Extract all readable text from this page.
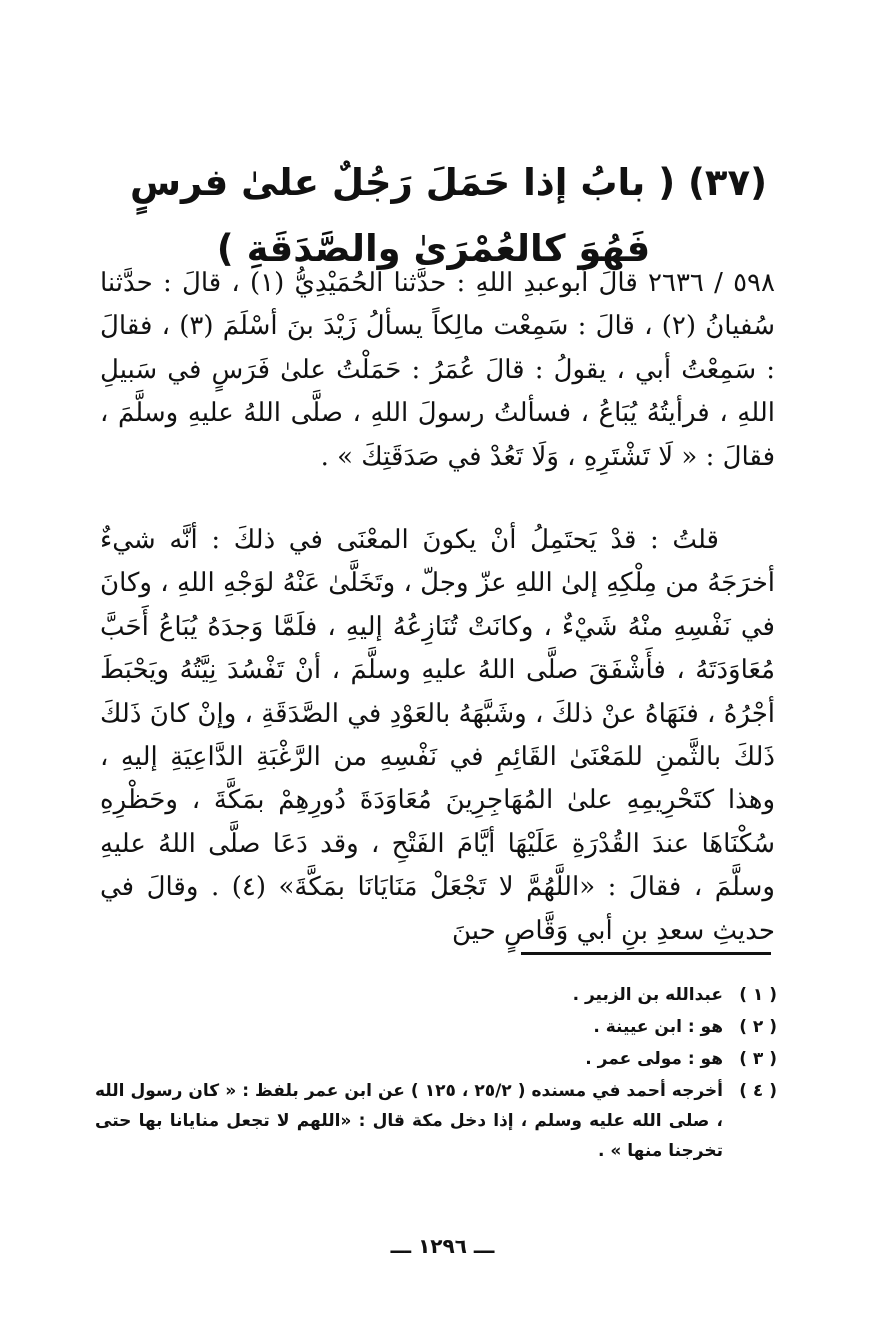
(٣٧) ( بابُ إذا حَمَلَ رَجُلٌ علىٰ فرسٍ فَهُوَ كالعُمْرَىٰ والصَّدَقَةِ )

٥٩٨ / ٢٦٣٦ قالَ أبوعبدِ اللهِ : حدَّثنا الحُمَيْدِيُّ (١) ، قالَ : حدَّثنا سُفيانُ (٢) ، قالَ : سَمِعْت مالِكاً يسألُ زَيْدَ بنَ أسْلَمَ (٣) ، فقالَ : سَمِعْتُ أبي ، يقولُ : قالَ عُمَرُ : حَمَلْتُ علىٰ فَرَسٍ في سَبيلِ اللهِ ، فرأيتُهُ يُبَاعُ ، فسألتُ رسولَ اللهِ ، صلَّى اللهُ عليهِ وسلَّمَ ، فقالَ : « لَا تَشْتَرِهِ ، وَلَا تَعُدْ في صَدَقَتِكَ » .

قلتُ : قدْ يَحتَمِلُ أنْ يكونَ المعْنَى في ذلكَ : أنَّه شيءٌ أخرَجَهُ من مِلْكِهِ إلىٰ اللهِ عزّ وجلّ ، وتَخَلَّىٰ عَنْهُ لوَجْهِ اللهِ ، وكانَ في نَفْسِهِ منْهُ شَيْءٌ ، وكانَتْ تُنَازِعُهُ إليهِ ، فلَمَّا وَجدَهُ يُبَاعُ أَحَبَّ مُعَاوَدَتَهُ ، فأَشْفَقَ صلَّى اللهُ عليهِ وسلَّمَ ، أنْ تَفْسُدَ نِيَّتُهُ ويَحْبَطَ أجْرُهُ ، فنَهَاهُ عنْ ذلكَ ، وشَبَّهَهُ بالعَوْدِ في الصَّدَقَةِ ، وإنْ كانَ ذَلكَ ذَلكَ بالثَّمنِ للمَعْنَىٰ القَائِمِ في نَفْسِهِ من الرَّغْبَةِ الدَّاعِيَةِ إليهِ ، وهذا كتَحْرِيمِهِ علىٰ المُهَاجِرِينَ مُعَاوَدَةَ دُورِهِمْ بمَكَّةَ ، وحَظْرِهِ سُكْنَاهَا عندَ القُدْرَةِ عَلَيْهَا أيَّامَ الفَتْحِ ، وقد دَعَا صلَّى اللهُ عليهِ وسلَّمَ ، فقالَ : «اللَّهُمَّ لا تَجْعَلْ مَنَايَانَا بمَكَّةَ» (٤) . وقالَ في حديثِ سعدِ بنِ أبي وَقَّاصٍ حينَ

( ١ )
عبدالله بن الزبير .
( ٢ )
هو : ابن عيينة .
( ٣ )
هو : مولى عمر .
( ٤ )
أخرجه أحمد في مسنده ( ٢٥/٢ ، ١٢٥ ) عن ابن عمر بلفظ : « كان رسول الله ، صلى الله عليه وسلم ، إذا دخل مكة قال : «اللهم لا تجعل منايانا بها حتى تخرجنا منها » .
ـــ ١٢٩٦ ـــ
